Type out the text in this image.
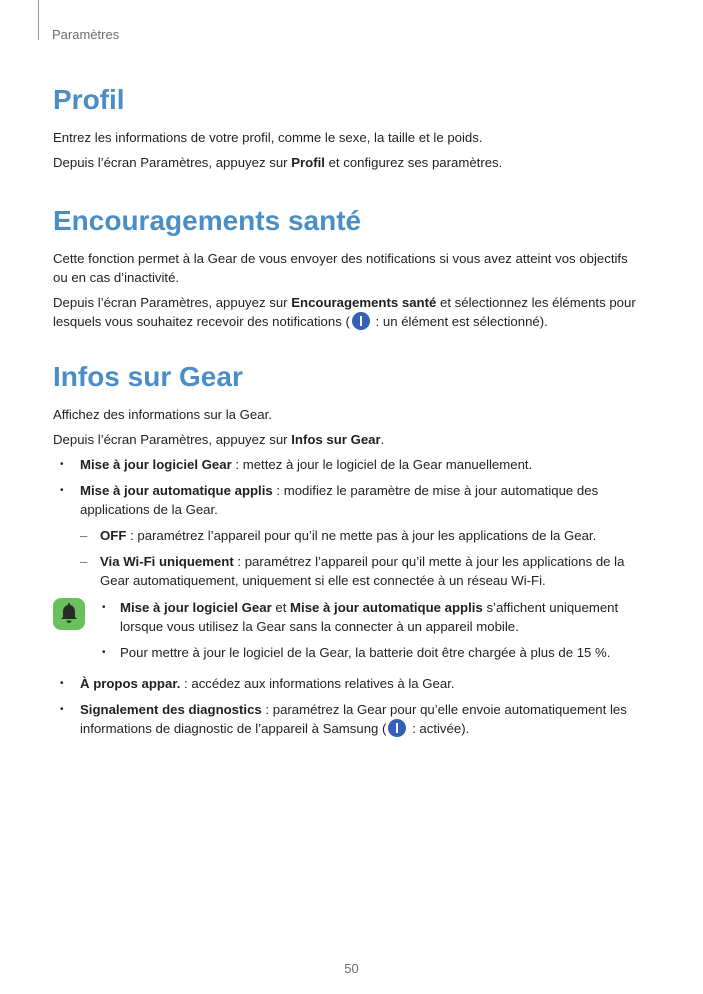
Paramètres
Profil

Entrez les informations de votre profil, comme le sexe, la taille et le poids.

Depuis l’écran Paramètres, appuyez sur Profil et configurez ses paramètres.

Encouragements santé

Cette fonction permet à la Gear de vous envoyer des notifications si vous avez atteint vos objectifs ou en cas d’inactivité.

Depuis l’écran Paramètres, appuyez sur Encouragements santé et sélectionnez les éléments pour lesquels vous souhaitez recevoir des notifications ( : un élément est sélectionné).

Infos sur Gear

Affichez des informations sur la Gear.

Depuis l’écran Paramètres, appuyez sur Infos sur Gear.

• Mise à jour logiciel Gear : mettez à jour le logiciel de la Gear manuellement.
• Mise à jour automatique applis : modifiez le paramètre de mise à jour automatique des applications de la Gear.
– OFF : paramétrez l’appareil pour qu’il ne mette pas à jour les applications de la Gear.
– Via Wi-Fi uniquement : paramétrez l’appareil pour qu’il mette à jour les applications de la Gear automatiquement, uniquement si elle est connectée à un réseau Wi-Fi.
• Mise à jour logiciel Gear et Mise à jour automatique applis s’affichent uniquement lorsque vous utilisez la Gear sans la connecter à un appareil mobile.
• Pour mettre à jour le logiciel de la Gear, la batterie doit être chargée à plus de 15 %.
• À propos appar. : accédez aux informations relatives à la Gear.
• Signalement des diagnostics : paramétrez la Gear pour qu’elle envoie automatiquement les informations de diagnostic de l’appareil à Samsung ( : activée).
50
